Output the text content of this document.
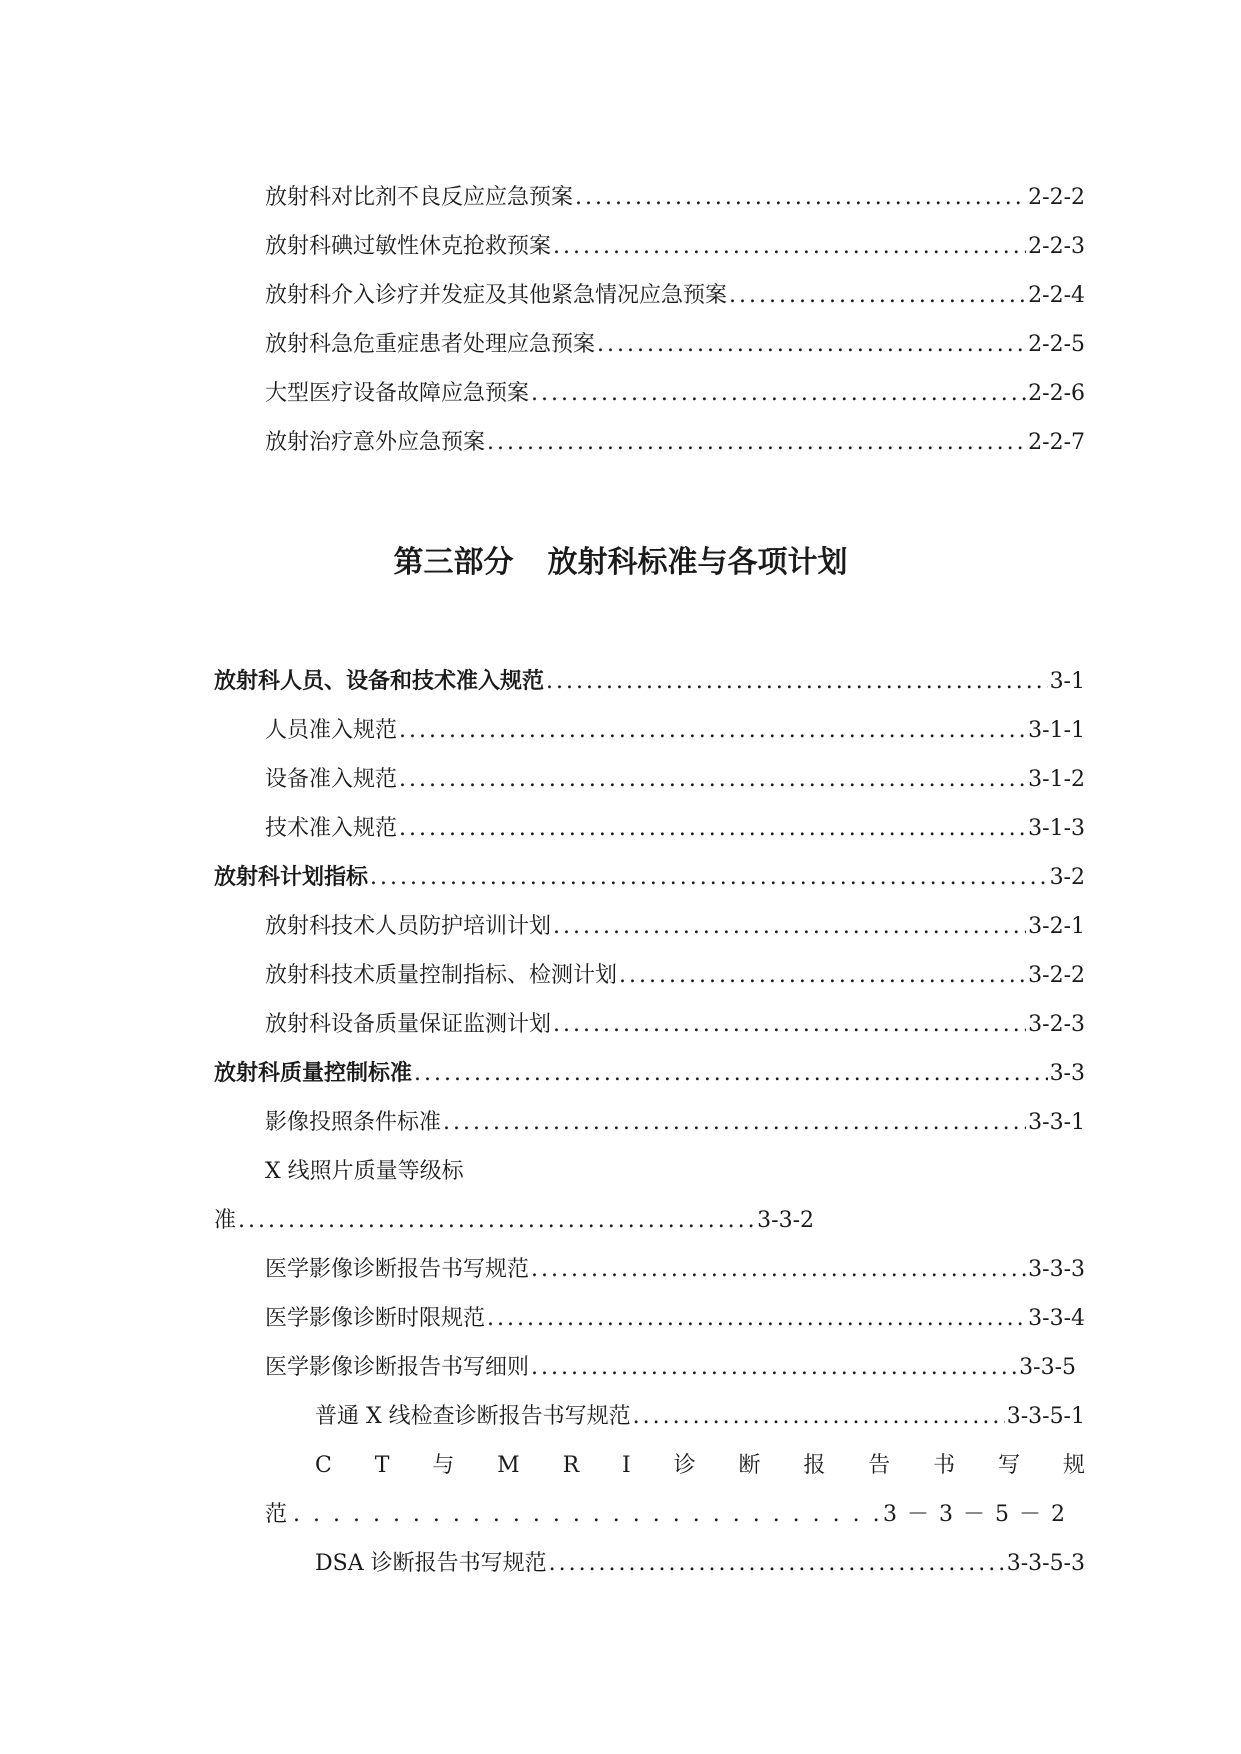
放射科对比剂不良反应应急预案 .....	2-2-2
放射科碘过敏性休克抢救预案 .....	2-2-3
放射科介入诊疗并发症及其他紧急情况应急预案 .....	2-2-4
放射科急危重症患者处理应急预案 .....	2-2-5
大型医疗设备故障应急预案 .....	2-2-6
放射治疗意外应急预案 .....	2-2-7
第三部分 放射科标准与各项计划
放射科人员、设备和技术准入规范 .....	3-1
人员准入规范 .....	3-1-1
设备准入规范 .....	3-1-2
技术准入规范 .....	3-1-3
放射科计划指标 .....	3-2
放射科技术人员防护培训计划 .....	3-2-1
放射科技术质量控制指标、检测计划 .....	3-2-2
放射科设备质量保证监测计划 .....	3-2-3
放射科质量控制标准 .....	3-3
影像投照条件标准 .....	3-3-1
X 线照片质量等级标
准 .....	3-3-2
医学影像诊断报告书写规范 .....	3-3-3
医学影像诊断时限规范 .....	3-3-4
医学影像诊断报告书写细则 .....	3-3-5
普通 X 线检查诊断报告书写规范 .....	3-3-5-1
C T 与 M R I 诊 断 报 告 书 写 规
范 . . .	3－3－5－2
DSA 诊断报告书写规范 .....	3-3-5-3
